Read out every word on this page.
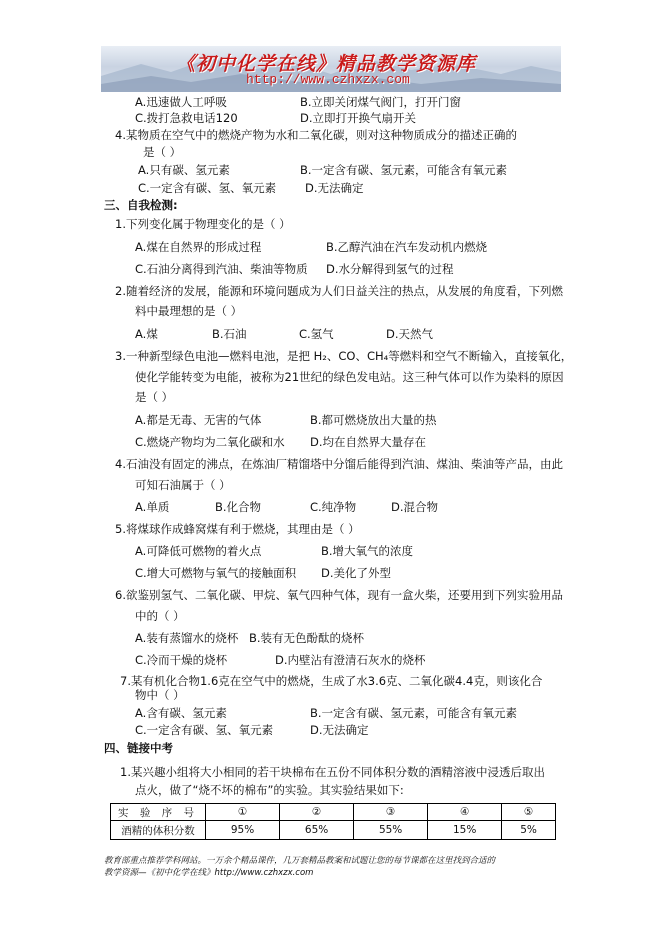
《初中化学在线》精品教学资源库
http://www.czhxzx.com
A.迅速做人工呼吸	B.立即关闭煤气阀门，打开门窗
C.拨打急救电话120	D.立即打开换气扇开关
4.某物质在空气中的燃烧产物为水和二氧化碳，则对这种物质成分的描述正确的
是（ ）
A.只有碳、氢元素	B.一定含有碳、氢元素，可能含有氧元素
C.一定含有碳、氢、氧元素	D.无法确定
三、自我检测:
1.下列变化属于物理变化的是（ ）
A.煤在自然界的形成过程	B.乙醇汽油在汽车发动机内燃烧
C.石油分离得到汽油、柴油等物质 D.水分解得到氢气的过程
2.随着经济的发展，能源和环境问题成为人们日益关注的热点，从发展的角度看，下列燃
料中最理想的是（ ）
A.煤	B.石油	C.氢气	D.天然气
3.一种新型绿色电池—燃料电池，是把 H₂、CO、CH₄等燃料和空气不断输入，直接氧化，
使化学能转变为电能，被称为21世纪的绿色发电站。这三种气体可以作为染料的原因
是（ ）
A.都是无毒、无害的气体	B.都可燃烧放出大量的热
C.燃烧产物均为二氧化碳和水 D.均在自然界大量存在
4.石油没有固定的沸点，在炼油厂精馏塔中分馏后能得到汽油、煤油、柴油等产品，由此
可知石油属于（ ）
A.单质	B.化合物	C.纯净物	D.混合物
5.将煤球作成蜂窝煤有利于燃烧，其理由是（ ）
A.可降低可燃物的着火点	B.增大氧气的浓度
C.增大可燃物与氧气的接触面积 D.美化了外型
6.欲鉴别氢气、二氧化碳、甲烷、氧气四种气体，现有一盒火柴，还要用到下列实验用品
中的（ ）
A.装有蒸馏水的烧杯 B.装有无色酚酞的烧杯
C.冷而干燥的烧杯	D.内壁沾有澄清石灰水的烧杯
7.某有机化合物1.6克在空气中的燃烧，生成了水3.6克、二氧化碳4.4克，则该化合
物中（ ）
A.含有碳、氢元素	B.一定含有碳、氢元素，可能含有氧元素
C.一定含有碳、氢、氧元素	D.无法确定
四、链接中考
1.某兴趣小组将大小相同的若干块棉布在五份不同体积分数的酒精溶液中浸透后取出
点火，做了“烧不坏的棉布”的实验。其实验结果如下:
实 验 序 号	①	②	③	④	⑤
酒精的体积分数	95%	65%	55%	15%	5%
教育部重点推荐学科网站。一万余个精品课件，几万套精品教案和试题让您的每节课都在这里找到合适的
教学资源—《初中化学在线》http://www.czhxzx.com
